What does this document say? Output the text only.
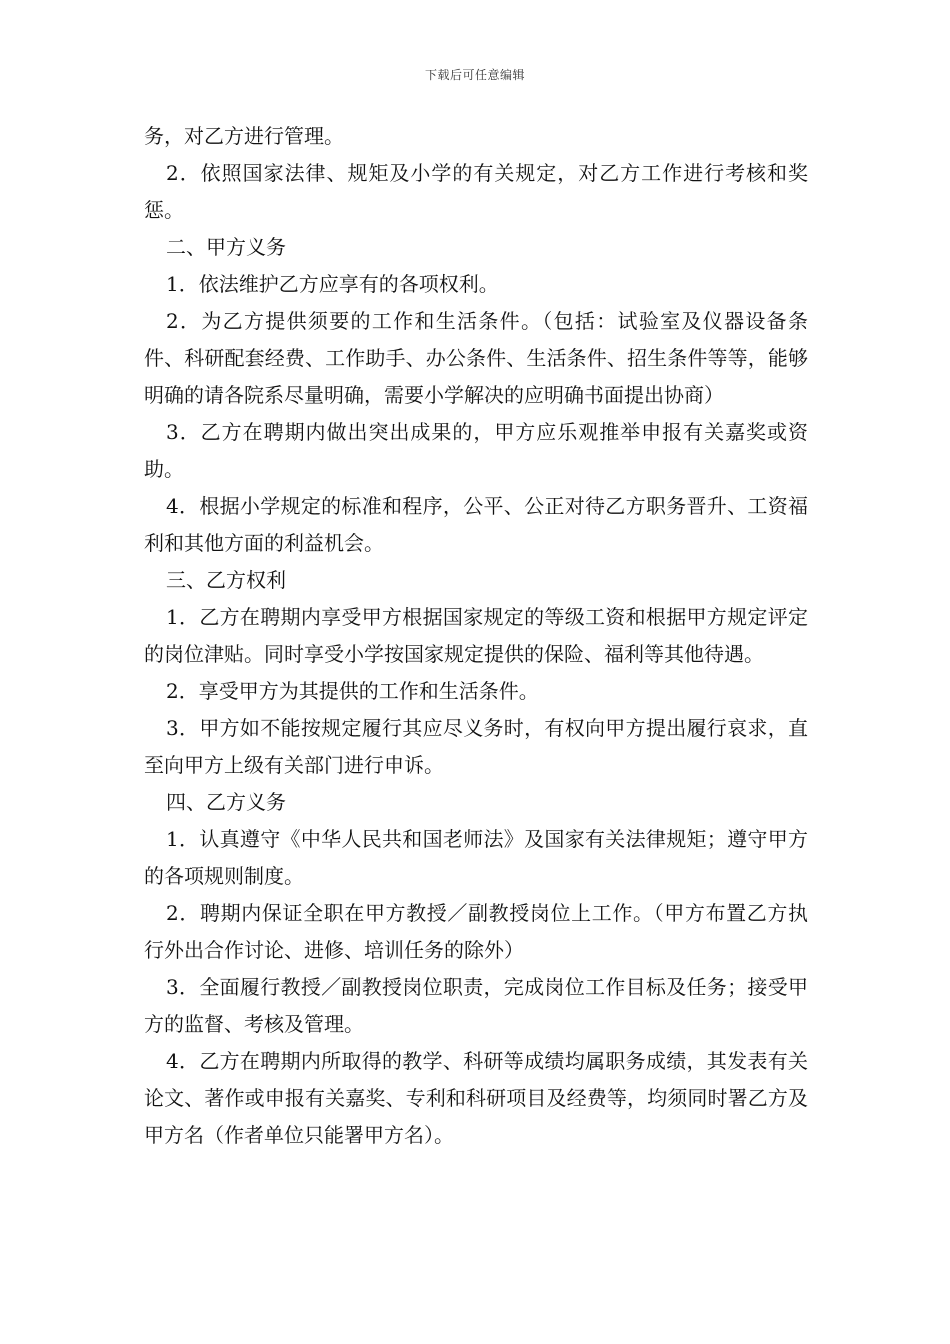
下载后可任意编辑

务，对乙方进行管理。

2．依照国家法律、规矩及小学的有关规定，对乙方工作进行考核和奖惩。

二、甲方义务

1．依法维护乙方应享有的各项权利。

2．为乙方提供须要的工作和生活条件。（包括：试验室及仪器设备条件、科研配套经费、工作助手、办公条件、生活条件、招生条件等等，能够明确的请各院系尽量明确，需要小学解决的应明确书面提出协商）

3．乙方在聘期内做出突出成果的，甲方应乐观推举申报有关嘉奖或资助。

4．根据小学规定的标准和程序，公平、公正对待乙方职务晋升、工资福利和其他方面的利益机会。

三、乙方权利

1．乙方在聘期内享受甲方根据国家规定的等级工资和根据甲方规定评定的岗位津贴。同时享受小学按国家规定提供的保险、福利等其他待遇。

2．享受甲方为其提供的工作和生活条件。

3．甲方如不能按规定履行其应尽义务时，有权向甲方提出履行哀求，直至向甲方上级有关部门进行申诉。

四、乙方义务

1．认真遵守《中华人民共和国老师法》及国家有关法律规矩；遵守甲方的各项规则制度。

2．聘期内保证全职在甲方教授／副教授岗位上工作。（甲方布置乙方执行外出合作讨论、进修、培训任务的除外）

3．全面履行教授／副教授岗位职责，完成岗位工作目标及任务；接受甲方的监督、考核及管理。

4．乙方在聘期内所取得的教学、科研等成绩均属职务成绩，其发表有关论文、著作或申报有关嘉奖、专利和科研项目及经费等，均须同时署乙方及甲方名（作者单位只能署甲方名）。
